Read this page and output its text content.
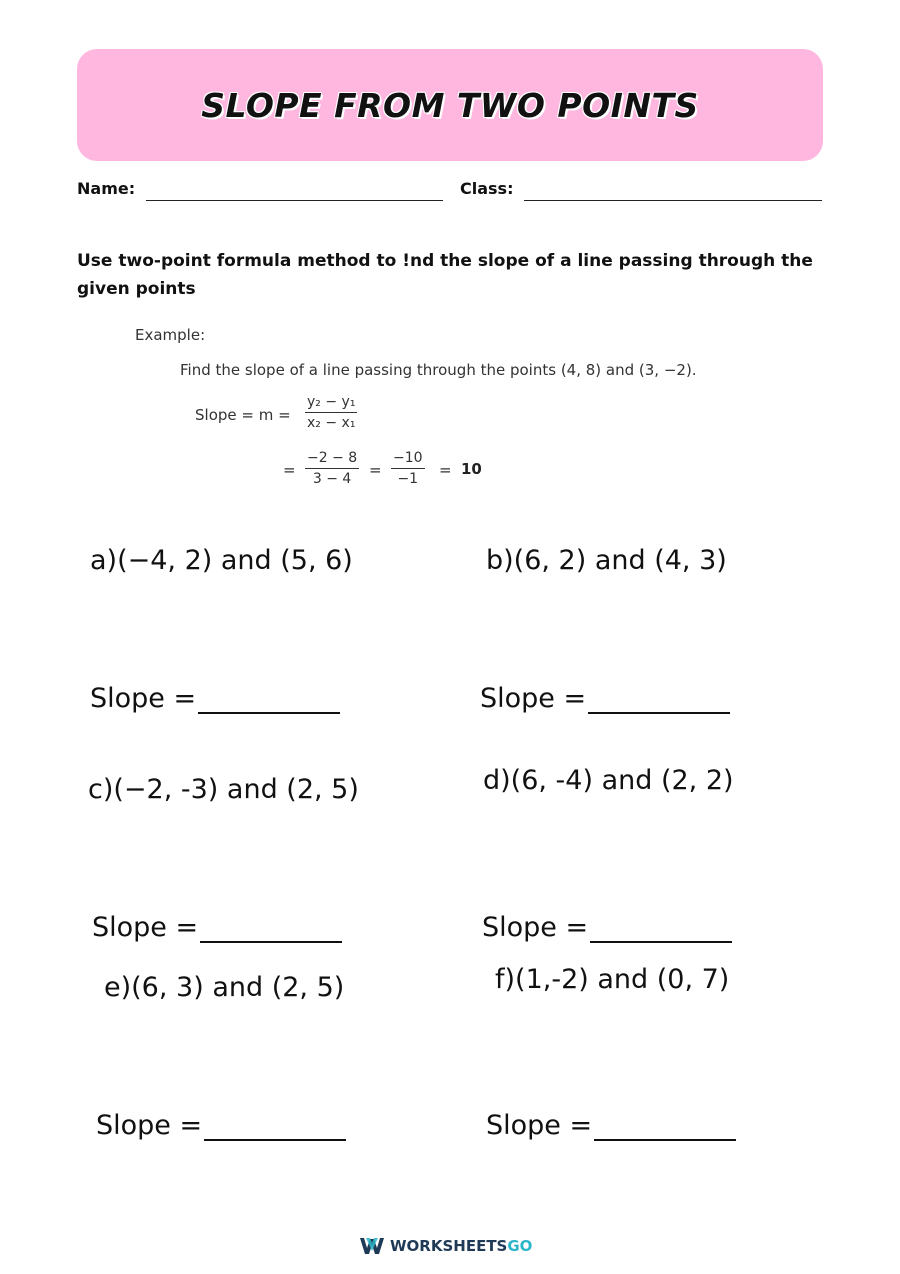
SLOPE FROM TWO POINTS
Name:	Class:
Use two-point formula method to !nd the slope of a line passing through the given points
Example:
Find the slope of a line passing through the points (4, 8) and (3, −2).
Slope = $m = \frac{\text{y₂ − y₁}}{\text{x₂ − x₁}}$
= $\frac{-2 - 8}{3 - 4} = \frac{-10}{-1} = 10$
a)(−4, 2) and (5, 6)	b)(6, 2) and (4, 3)
Slope =	Slope =
c)(−2, -3) and (2, 5)	d)(6, -4) and (2, 2)
Slope =	Slope =
e)(6, 3) and (2, 5)	f)(1,-2) and (0, 7)
Slope =	Slope =
WORKSHEETS GO
